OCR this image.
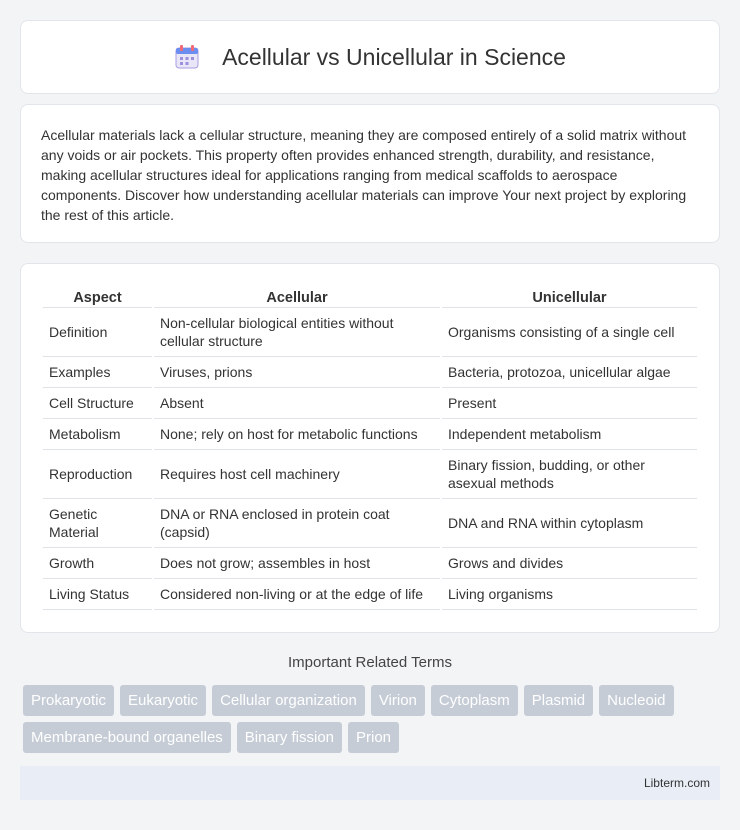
Acellular vs Unicellular in Science

Acellular materials lack a cellular structure, meaning they are composed entirely of a solid matrix without any voids or air pockets. This property often provides enhanced strength, durability, and resistance, making acellular structures ideal for applications ranging from medical scaffolds to aerospace components. Discover how understanding acellular materials can improve Your next project by exploring the rest of this article.

Aspect	Acellular	Unicellular
Definition	Non-cellular biological entities without cellular structure	Organisms consisting of a single cell
Examples	Viruses, prions	Bacteria, protozoa, unicellular algae
Cell Structure	Absent	Present
Metabolism	None; rely on host for metabolic functions	Independent metabolism
Reproduction	Requires host cell machinery	Binary fission, budding, or other asexual methods
Genetic Material	DNA or RNA enclosed in protein coat (capsid)	DNA and RNA within cytoplasm
Growth	Does not grow; assembles in host	Grows and divides
Living Status	Considered non-living or at the edge of life	Living organisms
Important Related Terms
Prokaryotic	Eukaryotic	Cellular organization	Virion	Cytoplasm	Plasmid	Nucleoid
Membrane-bound organelles	Binary fission	Prion
Libterm.com
